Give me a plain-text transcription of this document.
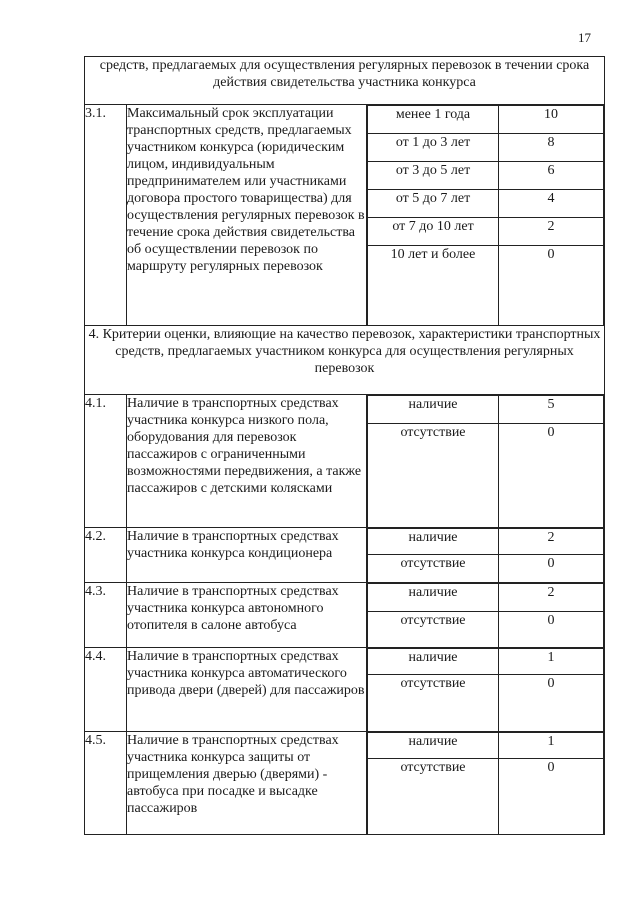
17
средств, предлагаемых для осуществления регулярных перевозок в течении срока действия свидетельства участника конкурса
3.1.	Максимальный срок эксплуатации транспортных средств, предлагаемых участником конкурса (юридическим лицом, индивидуальным предпринимателем или участниками договора простого товарищества) для осуществления регулярных перевозок в течение срока действия свидетельства об осуществлении перевозок по маршруту регулярных перевозок	
менее 1 года	10
от 1 до 3 лет	8
от 3 до 5 лет	6
от 5 до 7 лет	4
от 7 до 10 лет	2
10 лет и более	0

4. Критерии оценки, влияющие на качество перевозок, характеристики транспортных средств, предлагаемых участником конкурса для осуществления регулярных перевозок
4.1.	Наличие в транспортных средствах участника конкурса низкого пола, оборудования для перевозок пассажиров с ограниченными возможностями передвижения, а также пассажиров с детскими колясками	
наличие	5
отсутствие	0

4.2.	Наличие в транспортных средствах участника конкурса кондиционера	
наличие	2
отсутствие	0

4.3.	Наличие в транспортных средствах участника конкурса автономного отопителя в салоне автобуса	
наличие	2
отсутствие	0

4.4.	Наличие в транспортных средствах участника конкурса автоматического привода двери (дверей) для пассажиров	
наличие	1
отсутствие	0

4.5.	Наличие в транспортных средствах участника конкурса защиты от прищемления дверью (дверями) - автобуса при посадке и высадке пассажиров	
наличие	1
отсутствие	0
